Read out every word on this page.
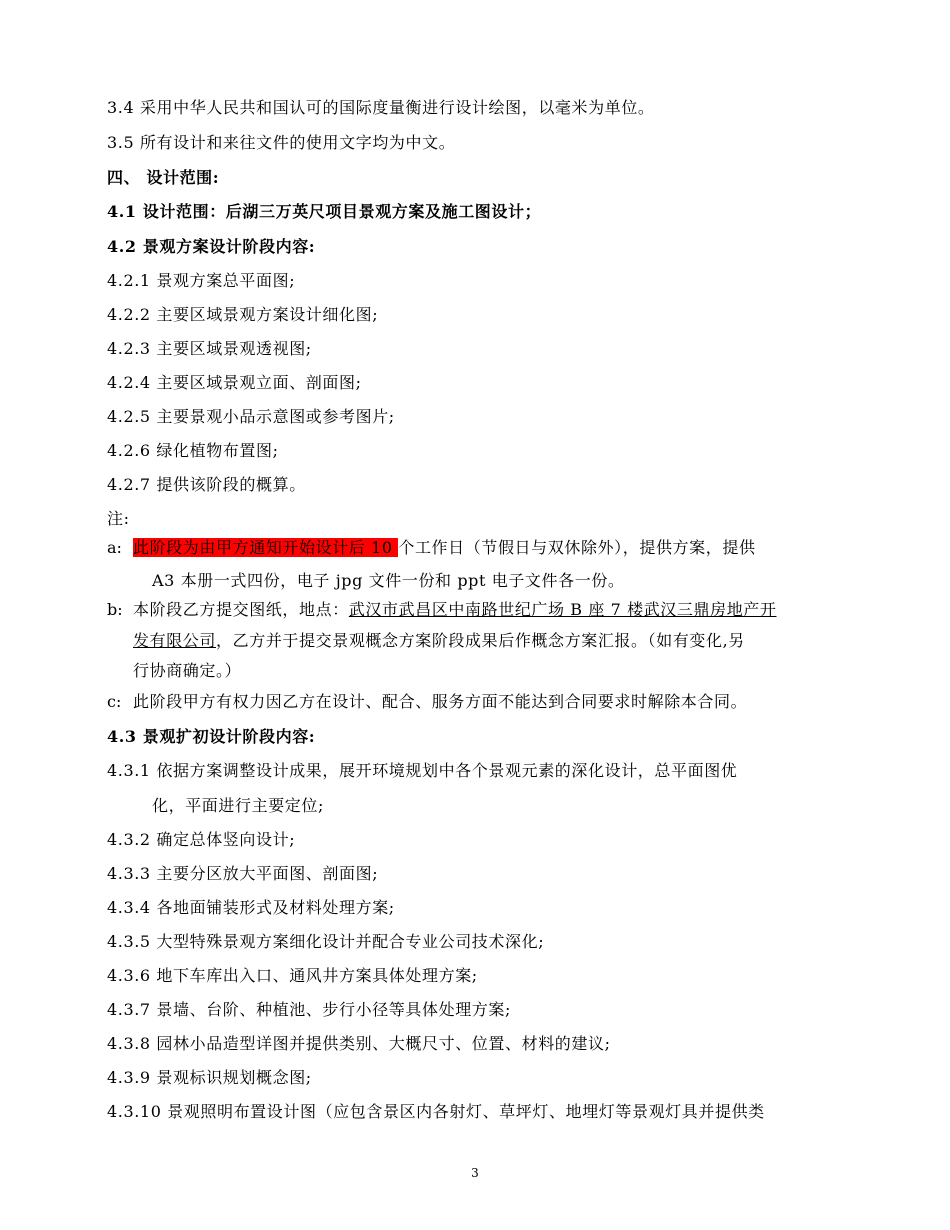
3.4 采用中华人民共和国认可的国际度量衡进行设计绘图，以毫米为单位。
3.5 所有设计和来往文件的使用文字均为中文。
四、 设计范围:
4.1 设计范围：后湖三万英尺项目景观方案及施工图设计；
4.2 景观方案设计阶段内容:
4.2.1 景观方案总平面图;
4.2.2 主要区域景观方案设计细化图;
4.2.3 主要区域景观透视图;
4.2.4 主要区域景观立面、剖面图;
4.2.5 主要景观小品示意图或参考图片;
4.2.6 绿化植物布置图;
4.2.7 提供该阶段的概算。
注:
a: 此阶段为由甲方通知开始设计后 10 个工作日（节假日与双休除外），提供方案，提供
A3 本册一式四份，电子 jpg 文件一份和 ppt 电子文件各一份。
b: 本阶段乙方提交图纸，地点：武汉市武昌区中南路世纪广场 B 座 7 楼武汉三鼎房地产开
发有限公司，乙方并于提交景观概念方案阶段成果后作概念方案汇报。（如有变化,另
行协商确定。）
c: 此阶段甲方有权力因乙方在设计、配合、服务方面不能达到合同要求时解除本合同。
4.3 景观扩初设计阶段内容:
4.3.1 依据方案调整设计成果，展开环境规划中各个景观元素的深化设计，总平面图优
化，平面进行主要定位;
4.3.2 确定总体竖向设计;
4.3.3 主要分区放大平面图、剖面图;
4.3.4 各地面铺装形式及材料处理方案;
4.3.5 大型特殊景观方案细化设计并配合专业公司技术深化;
4.3.6 地下车库出入口、通风井方案具体处理方案;
4.3.7 景墙、台阶、种植池、步行小径等具体处理方案;
4.3.8 园林小品造型详图并提供类别、大概尺寸、位置、材料的建议;
4.3.9 景观标识规划概念图;
4.3.10 景观照明布置设计图（应包含景区内各射灯、草坪灯、地埋灯等景观灯具并提供类
3
